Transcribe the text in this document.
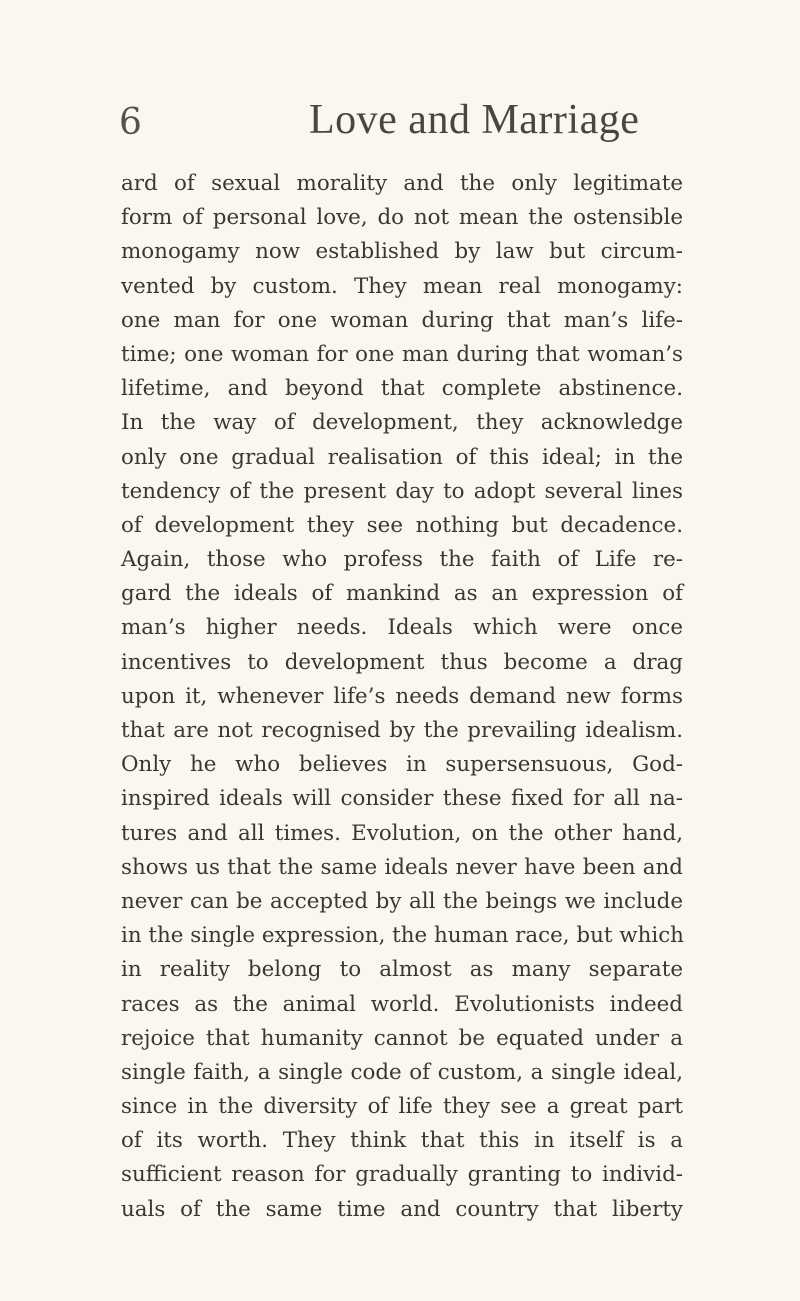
6	Love and Marriage
ard of sexual morality and the only legitimate
form of personal love, do not mean the ostensible
monogamy now established by law but circum-
vented by custom. They mean real monogamy:
one man for one woman during that man’s life-
time; one woman for one man during that woman’s
lifetime, and beyond that complete abstinence.
In the way of development, they acknowledge
only one gradual realisation of this ideal; in the
tendency of the present day to adopt several lines
of development they see nothing but decadence.
Again, those who profess the faith of Life re-
gard the ideals of mankind as an expression of
man’s higher needs. Ideals which were once
incentives to development thus become a drag
upon it, whenever life’s needs demand new forms
that are not recognised by the prevailing idealism.
Only he who believes in supersensuous, God-
inspired ideals will consider these fixed for all na-
tures and all times. Evolution, on the other hand,
shows us that the same ideals never have been and
never can be accepted by all the beings we include
in the single expression, the human race, but which
in reality belong to almost as many separate
races as the animal world. Evolutionists indeed
rejoice that humanity cannot be equated under a
single faith, a single code of custom, a single ideal,
since in the diversity of life they see a great part
of its worth. They think that this in itself is a
sufficient reason for gradually granting to individ-
uals of the same time and country that liberty
